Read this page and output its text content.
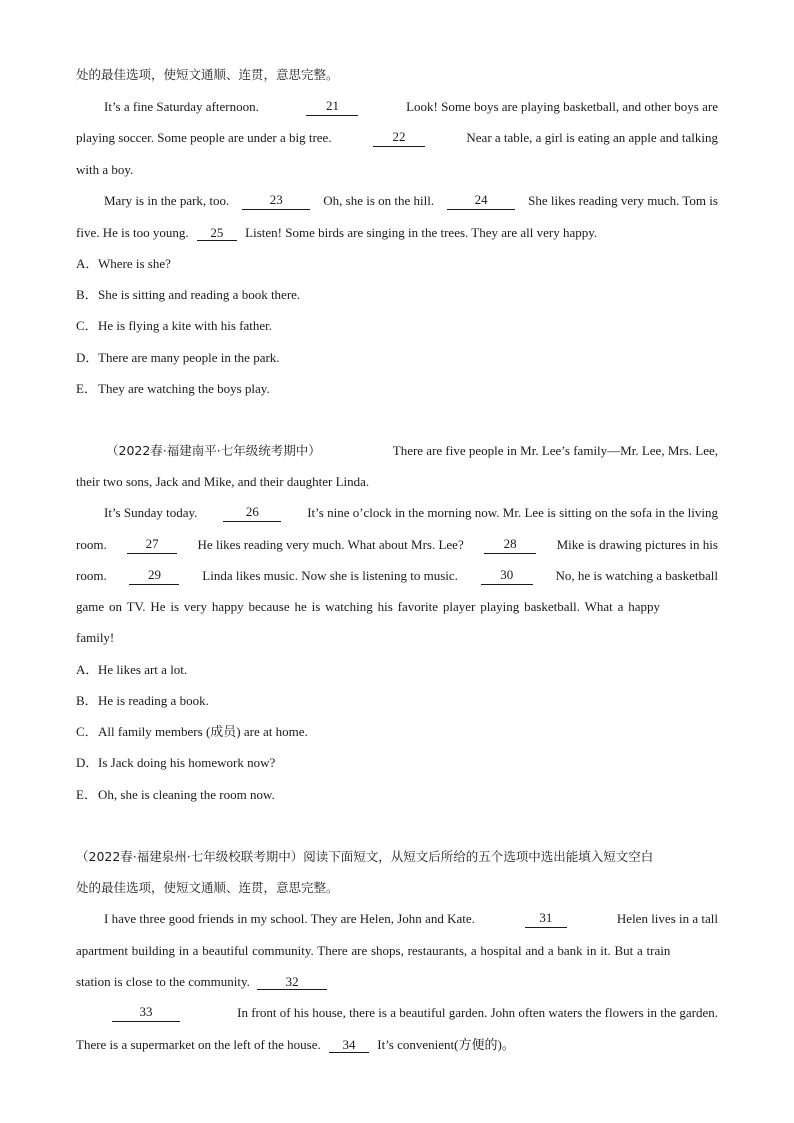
处的最佳选项，使短文通顺、连贯，意思完整。
It’s a fine Saturday afternoon.	21	Look! Some boys are playing basketball, and other boys are
playing soccer. Some people are under a big tree.	22	Near a table, a girl is eating an apple and talking
with a boy.
Mary is in the park, too.	23	Oh, she is on the hill.	24	She likes reading very much. Tom is
five. He is too young. 25 Listen! Some birds are singing in the trees. They are all very happy.
A．Where is she?
B．She is sitting and reading a book there.
C．He is flying a kite with his father.
D．There are many people in the park.
E．They are watching the boys play.
（2022春·福建南平·七年级统考期中）	There are five people in Mr. Lee’s family—Mr. Lee, Mrs. Lee,
their two sons, Jack and Mike, and their daughter Linda.
It’s Sunday today.	26	It’s nine o’clock in the morning now. Mr. Lee is sitting on the sofa in the living
room.	27	He likes reading very much. What about Mrs. Lee?	28	Mike is drawing pictures in his
room.	29	Linda likes music. Now she is listening to music.	30	No, he is watching a basketball
game on TV. He is very happy because he is watching his favorite player playing basketball. What a happy
family!
A．He likes art a lot.
B．He is reading a book.
C．All family members (成员) are at home.
D．Is Jack doing his homework now?
E．Oh, she is cleaning the room now.
（2022春·福建泉州·七年级校联考期中）阅读下面短文，从短文后所给的五个选项中选出能填入短文空白
处的最佳选项，使短文通顺、连贯，意思完整。
I have three good friends in my school. They are Helen, John and Kate.	31	Helen lives in a tall
apartment building in a beautiful community. There are shops, restaurants, a hospital and a bank in it. But a train
station is close to the community.	32
33	In front of his house, there is a beautiful garden. John often waters the flowers in the garden.
There is a supermarket on the left of the house. 34 It’s convenient(方便的)。
